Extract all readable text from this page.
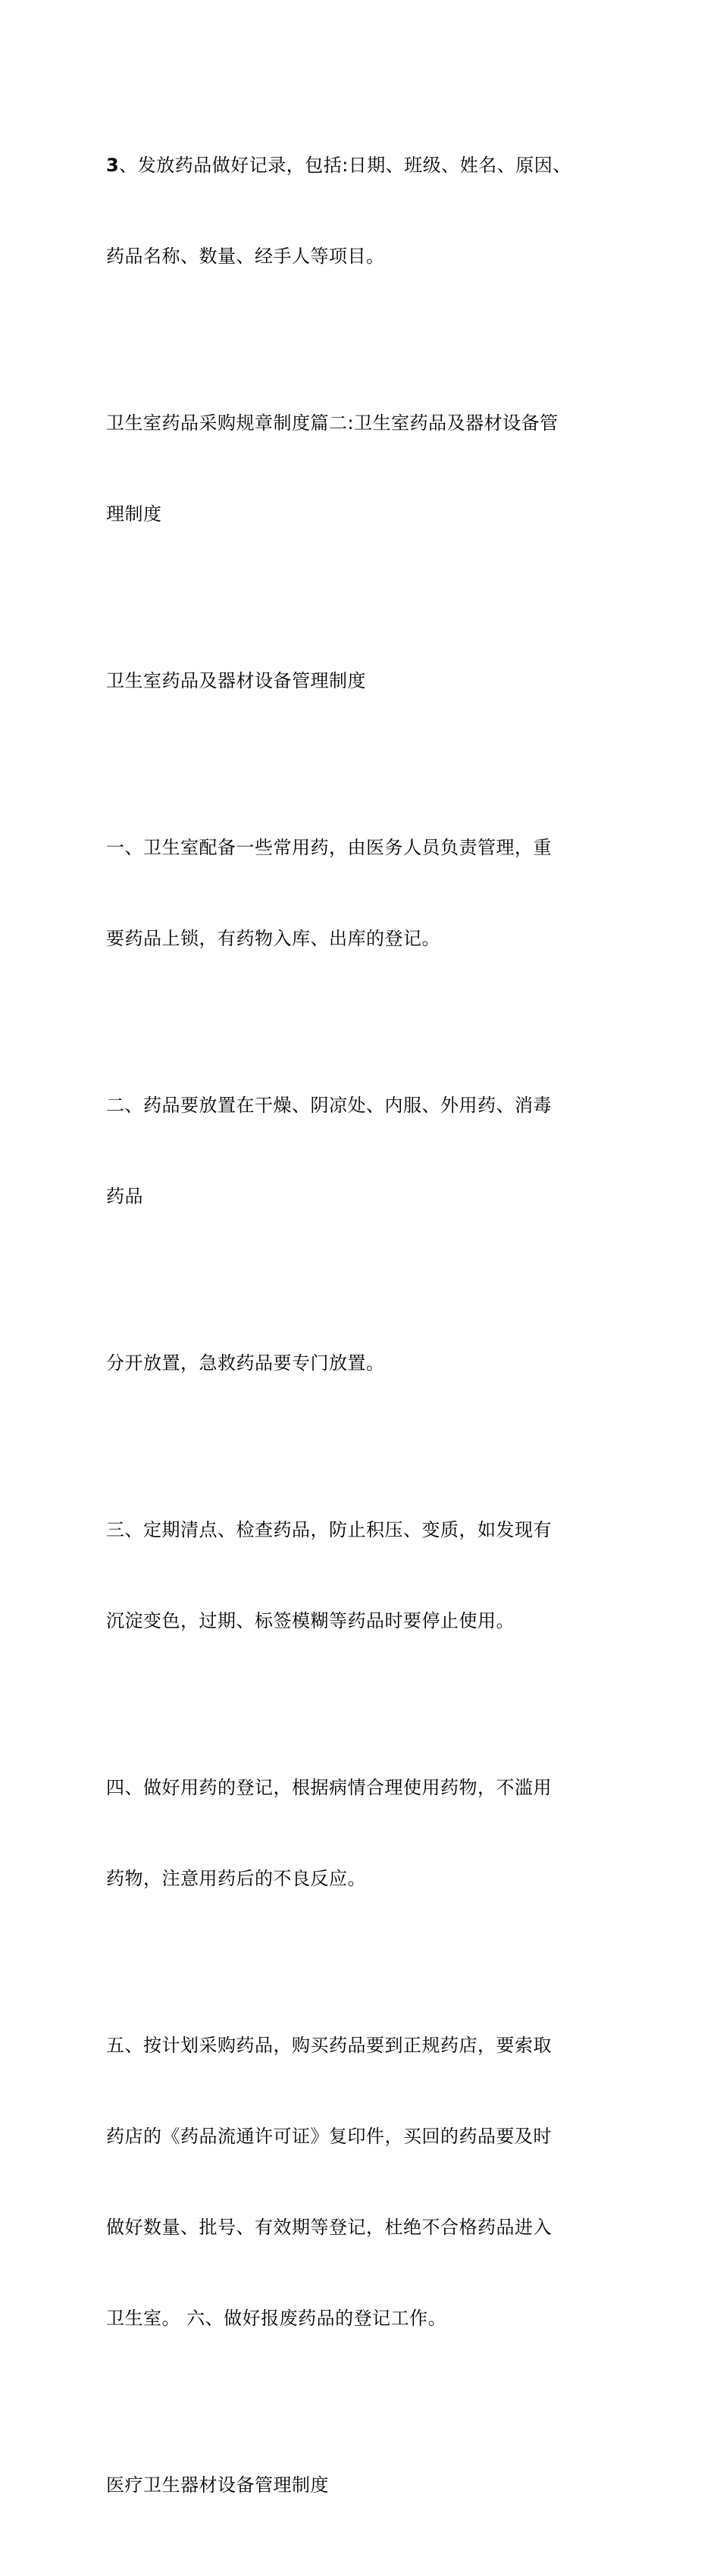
3、发放药品做好记录，包括:日期、班级、姓名、原因、

药品名称、数量、经手人等项目。

卫生室药品采购规章制度篇二:卫生室药品及器材设备管

理制度

卫生室药品及器材设备管理制度

一、卫生室配备一些常用药，由医务人员负责管理，重

要药品上锁，有药物入库、出库的登记。

二、药品要放置在干燥、阴凉处、内服、外用药、消毒

药品

分开放置，急救药品要专门放置。

三、定期清点、检查药品，防止积压、变质，如发现有

沉淀变色，过期、标签模糊等药品时要停止使用。

四、做好用药的登记，根据病情合理使用药物，不滥用

药物，注意用药后的不良反应。

五、按计划采购药品，购买药品要到正规药店，要索取

药店的《药品流通许可证》复印件，买回的药品要及时

做好数量、批号、有效期等登记，杜绝不合格药品进入

卫生室。 六、做好报废药品的登记工作。

医疗卫生器材设备管理制度
